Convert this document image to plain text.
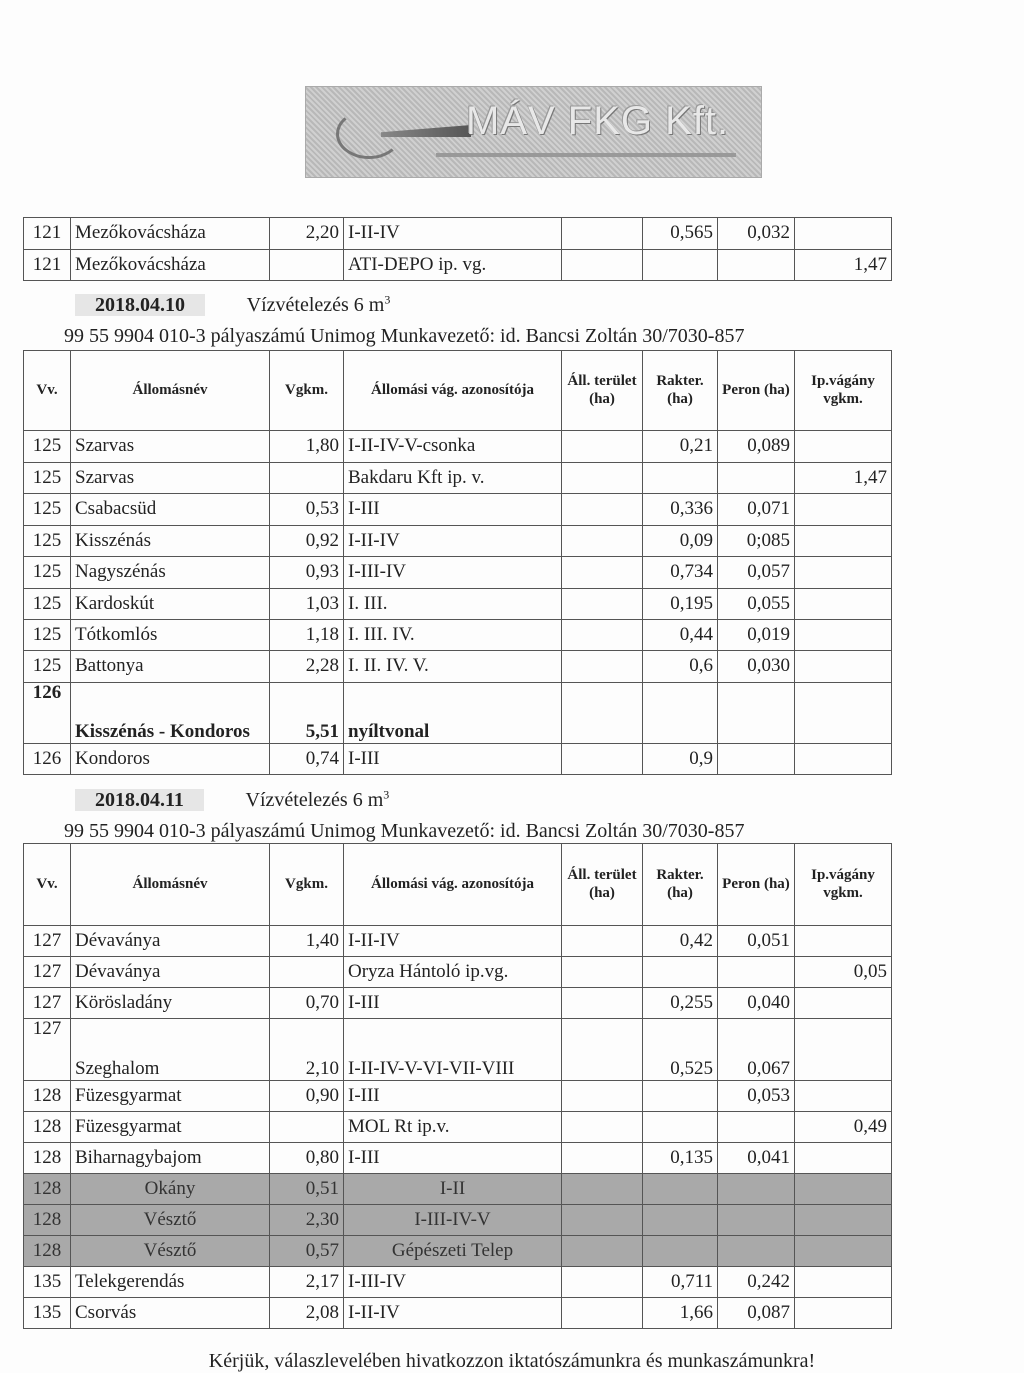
MÁV FKG Kft.
121	Mezőkovácsháza	2,20	I-II-IV		0,565	0,032	
121	Mezőkovácsháza		ATI-DEPO ip. vg.				1,47
2018.04.10	Vízvételezés 6 $m^3$
99 55 9904 010-3 pályaszámú Unimog Munkavezető: id. Bancsi Zoltán 30/7030-857
Vv.	Állomásnév	Vgkm.	Állomási vág. azonosítója	Áll. terület (ha)	Rakter. (ha)	Peron (ha)	Ip.vágány vgkm.
125	Szarvas	1,80	I-II-IV-V-csonka		0,21	0,089	
125	Szarvas		Bakdaru Kft ip. v.				1,47
125	Csabacsüd	0,53	I-III		0,336	0,071	
125	Kisszénás	0,92	I-II-IV		0,09	0;085	
125	Nagyszénás	0,93	I-III-IV		0,734	0,057	
125	Kardoskút	1,03	I. III.		0,195	0,055	
125	Tótkomlós	1,18	I. III. IV.		0,44	0,019	
125	Battonya	2,28	I. II. IV. V.		0,6	0,030	
126	Kisszénás - Kondoros	5,51	nyíltvonal				
126	Kondoros	0,74	I-III		0,9		
2018.04.11	Vízvételezés 6 $m^3$
99 55 9904 010-3 pályaszámú Unimog Munkavezető: id. Bancsi Zoltán 30/7030-857
Vv.	Állomásnév	Vgkm.	Állomási vág. azonosítója	Áll. terület (ha)	Rakter. (ha)	Peron (ha)	Ip.vágány vgkm.
127	Dévaványa	1,40	I-II-IV		0,42	0,051	
127	Dévaványa		Oryza Hántoló ip.vg.				0,05
127	Körösladány	0,70	I-III		0,255	0,040	
127	Szeghalom	2,10	I-II-IV-V-VI-VII-VIII		0,525	0,067	
128	Füzesgyarmat	0,90	I-III			0,053	
128	Füzesgyarmat		MOL Rt ip.v.				0,49
128	Biharnagybajom	0,80	I-III		0,135	0,041	
128	Okány	0,51	I-II				
128	Vésztő	2,30	I-III-IV-V				
128	Vésztő	0,57	Gépészeti Telep				
135	Telekgerendás	2,17	I-III-IV		0,711	0,242	
135	Csorvás	2,08	I-II-IV		1,66	0,087	
Kérjük, válaszlevelében hivatkozzon iktatószámunkra és munkaszámunkra!
